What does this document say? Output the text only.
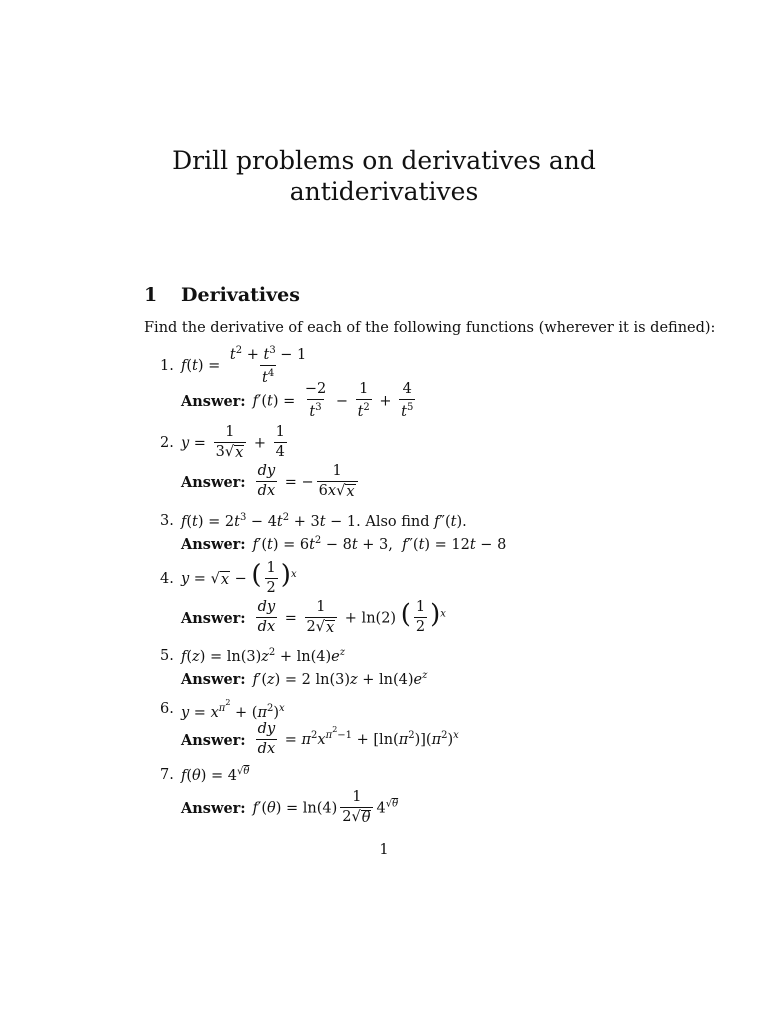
Drill problems on derivatives and
antiderivatives
1 Derivatives
Find the derivative of each of the following functions (wherever it is defined):
1. $f(t) = \frac{t^2 + t^3 - 1}{t^4}$
Answer: $f'(t) = \frac{-2}{t^3} - \frac{1}{t^2} + \frac{4}{t^5}$
2. $y = \frac{1}{3 √ x} + \frac{1}{4}$
Answer: $\frac{dy}{dx}$ = − $\frac{1}{6x √ x}$
3. $f(t) = 2t^3 - 4t^2 + 3t - 1$. Also find f″(t).
Answer: $f'(t) = 6t^2 - 8t + 3$,  f″(t) = 12t − 8
4. y = √ x − ( $\frac{1}{2} )^x$
Answer: $\frac{dy}{dx} = \frac{1}{2 √ x} + \ln(2)$ ( $\frac{1}{2} )^x$
5. $f(z) = \ln(3)z^2 + \ln(4)e^z$
Answer: f′(z) = 2 $\ln(3)z + \ln(4)e^z$
6. $y = x^{\pi^2} + (\pi^2)^x$
Answer: $\frac{dy}{dx} = \pi^2x^{\pi^2-1} + [\ln(\pi^2)](\pi^2)^x$
7. $f(\theta) = 4^{√\theta}$
Answer: $f'(\theta) = \ln(4) \frac{1}{2 √ \theta} 4^{√\theta}$
1
